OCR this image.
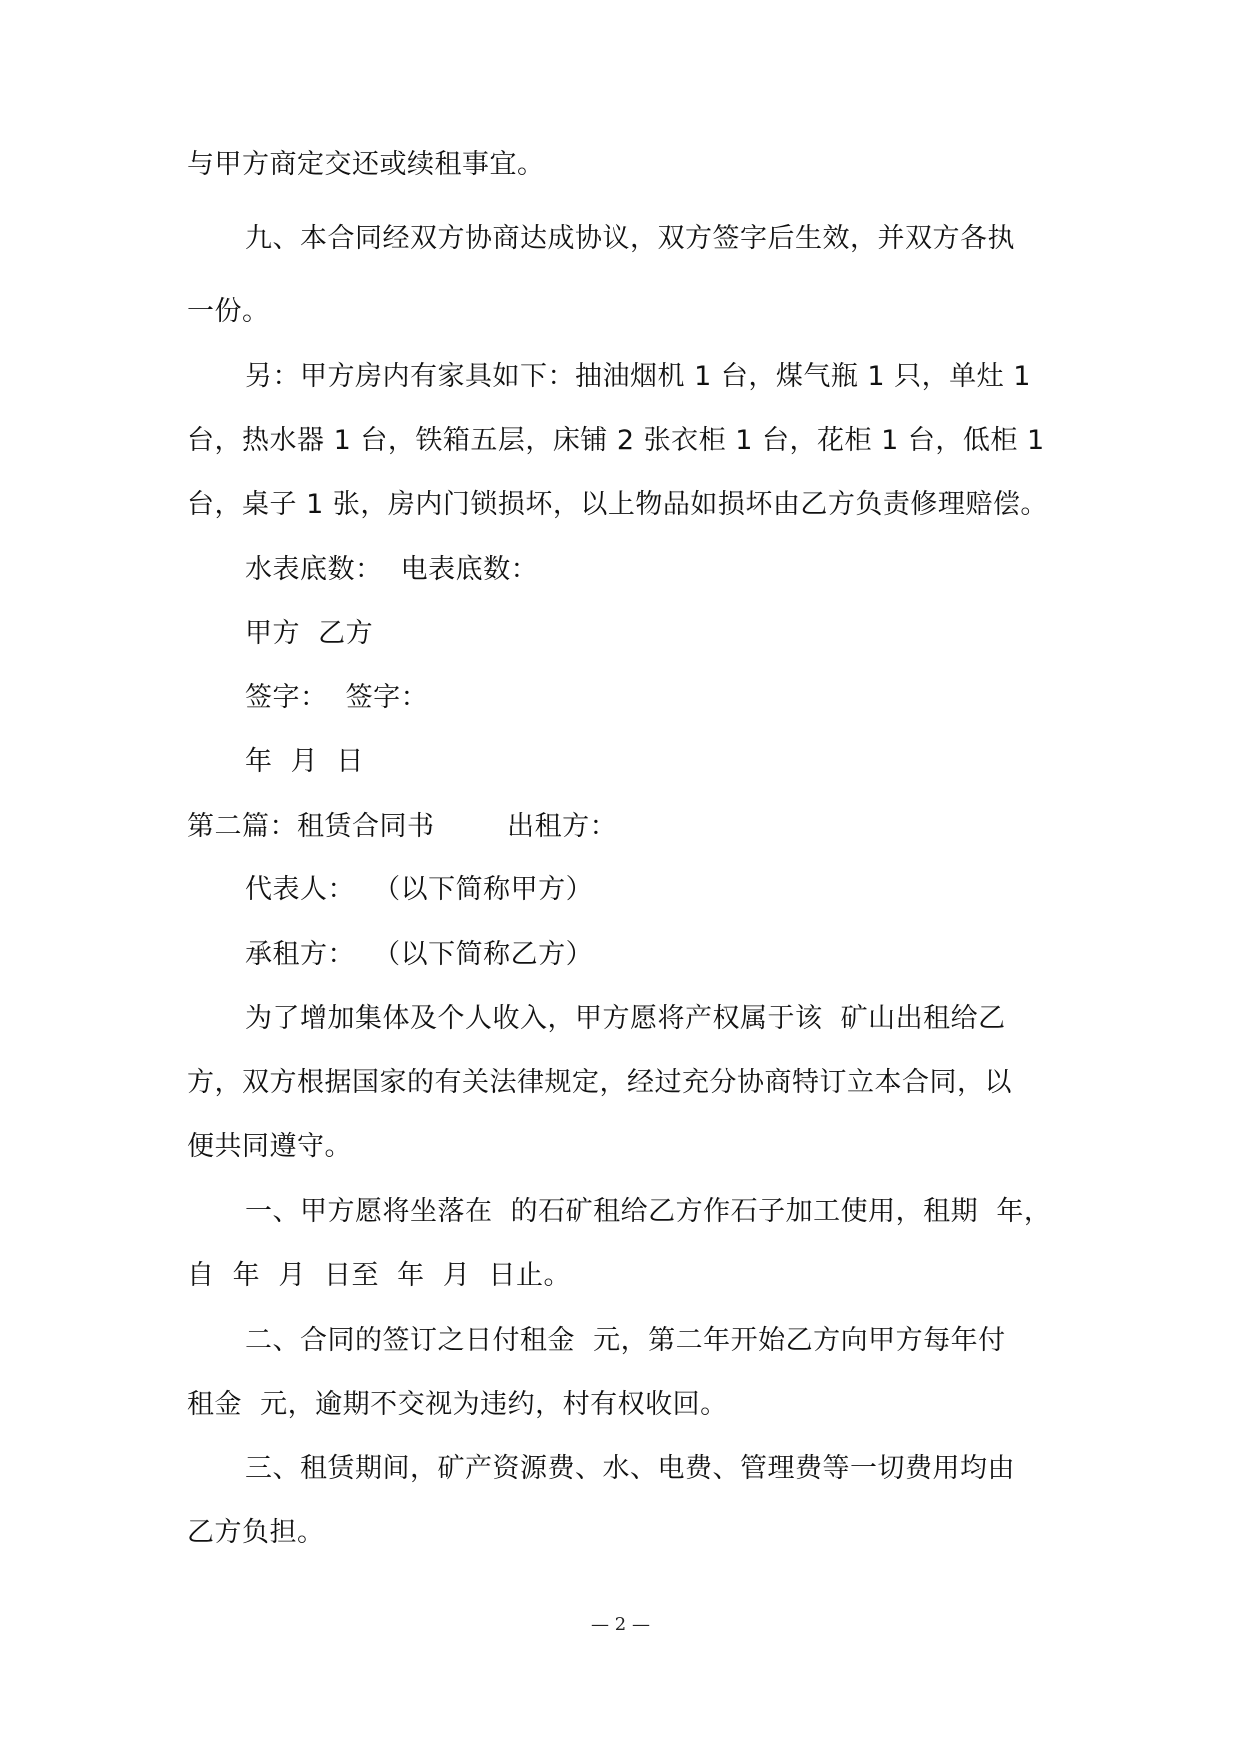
与甲方商定交还或续租事宜。
九、本合同经双方协商达成协议，双方签字后生效，并双方各执
一份。
另：甲方房内有家具如下：抽油烟机 1 台，煤气瓶 1 只，单灶 1
台，热水器 1 台，铁箱五层，床铺 2 张衣柜 1 台，花柜 1 台，低柜 1
台，桌子 1 张，房内门锁损坏，以上物品如损坏由乙方负责修理赔偿。
水表底数：  电表底数：
甲方  乙方
签字：  签字：
年  月  日
第二篇：租赁合同书        出租方：
代表人：  （以下简称甲方）
承租方：  （以下简称乙方）
为了增加集体及个人收入，甲方愿将产权属于该  矿山出租给乙
方，双方根据国家的有关法律规定，经过充分协商特订立本合同，以
便共同遵守。
一、甲方愿将坐落在  的石矿租给乙方作石子加工使用，租期  年，
自  年  月  日至  年  月  日止。
二、合同的签订之日付租金  元，第二年开始乙方向甲方每年付
租金  元，逾期不交视为违约，村有权收回。
三、租赁期间，矿产资源费、水、电费、管理费等一切费用均由
乙方负担。
— 2 —
